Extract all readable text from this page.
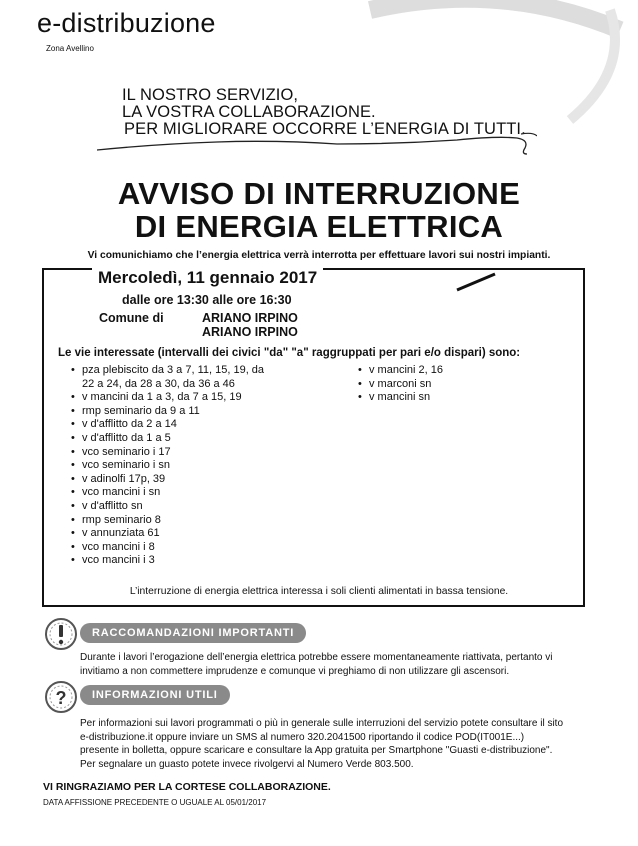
e-distribuzione
Zona Avellino
IL NOSTRO SERVIZIO,
LA VOSTRA COLLABORAZIONE.
PER MIGLIORARE OCCORRE L’ENERGIA DI TUTTI.
AVVISO DI INTERRUZIONE
DI ENERGIA ELETTRICA
Vi comunichiamo che l’energia elettrica verrà interrotta per effettuare lavori sui nostri impianti.
Mercoledì, 11 gennaio 2017
dalle ore 13:30 alle ore 16:30
Comune di	ARIANO IRPINO
ARIANO IRPINO
Le vie interessate (intervalli dei civici "da" "a" raggruppati per pari e/o dispari) sono:
• pza plebiscito da 3 a 7, 11, 15, 19, da
22 a 24, da 28 a 30, da 36 a 46
• v mancini da 1 a 3, da 7 a 15, 19
• rmp seminario da 9 a 11
• v d'afflitto da 2 a 14
• v d'afflitto da 1 a 5
• vco seminario i 17
• vco seminario i sn
• v adinolfi 17p, 39
• vco mancini i sn
• v d'afflitto sn
• rmp seminario 8
• v annunziata 61
• vco mancini i 8
• vco mancini i 3
• v mancini 2, 16
• v marconi sn
• v mancini sn
L’interruzione di energia elettrica interessa i soli clienti alimentati in bassa tensione.
RACCOMANDAZIONI IMPORTANTI
Durante i lavori l’erogazione dell’energia elettrica potrebbe essere momentaneamente riattivata, pertanto vi
invitiamo a non commettere imprudenze e comunque vi preghiamo di non utilizzare gli ascensori.
?	INFORMAZIONI UTILI
Per informazioni sui lavori programmati o più in generale sulle interruzioni del servizio potete consultare il sito
e-distribuzione.it oppure inviare un SMS al numero 320.2041500 riportando il codice POD(IT001E...)
presente in bolletta, oppure scaricare e consultare la App gratuita per Smartphone "Guasti e-distribuzione".
Per segnalare un guasto potete invece rivolgervi al Numero Verde 803.500.
VI RINGRAZIAMO PER LA CORTESE COLLABORAZIONE.
DATA AFFISSIONE PRECEDENTE O UGUALE AL 05/01/2017
